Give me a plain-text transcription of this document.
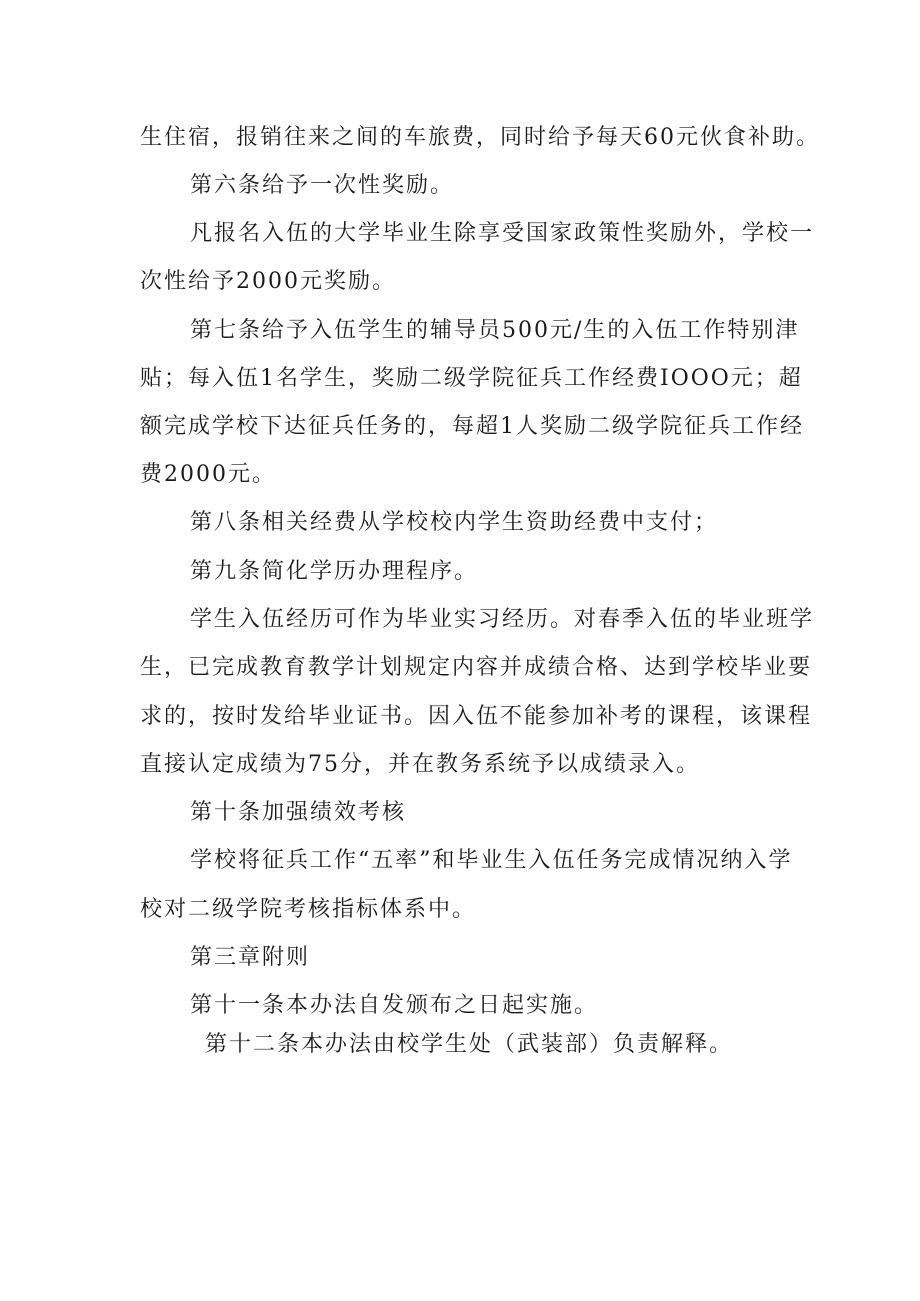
生住宿，报销往来之间的车旅费，同时给予每天60元伙食补助。
第六条给予一次性奖励。
凡报名入伍的大学毕业生除享受国家政策性奖励外，学校一
次性给予2000元奖励。
第七条给予入伍学生的辅导员500元/生的入伍工作特别津
贴；每入伍1名学生，奖励二级学院征兵工作经费IOOO元；超
额完成学校下达征兵任务的，每超1人奖励二级学院征兵工作经
费2000元。
第八条相关经费从学校校内学生资助经费中支付；
第九条简化学历办理程序。
学生入伍经历可作为毕业实习经历。对春季入伍的毕业班学
生，已完成教育教学计划规定内容并成绩合格、达到学校毕业要
求的，按时发给毕业证书。因入伍不能参加补考的课程，该课程
直接认定成绩为75分，并在教务系统予以成绩录入。
第十条加强绩效考核
学校将征兵工作“五率”和毕业生入伍任务完成情况纳入学
校对二级学院考核指标体系中。
第三章附则
第十一条本办法自发颁布之日起实施。
第十二条本办法由校学生处（武装部）负责解释。
